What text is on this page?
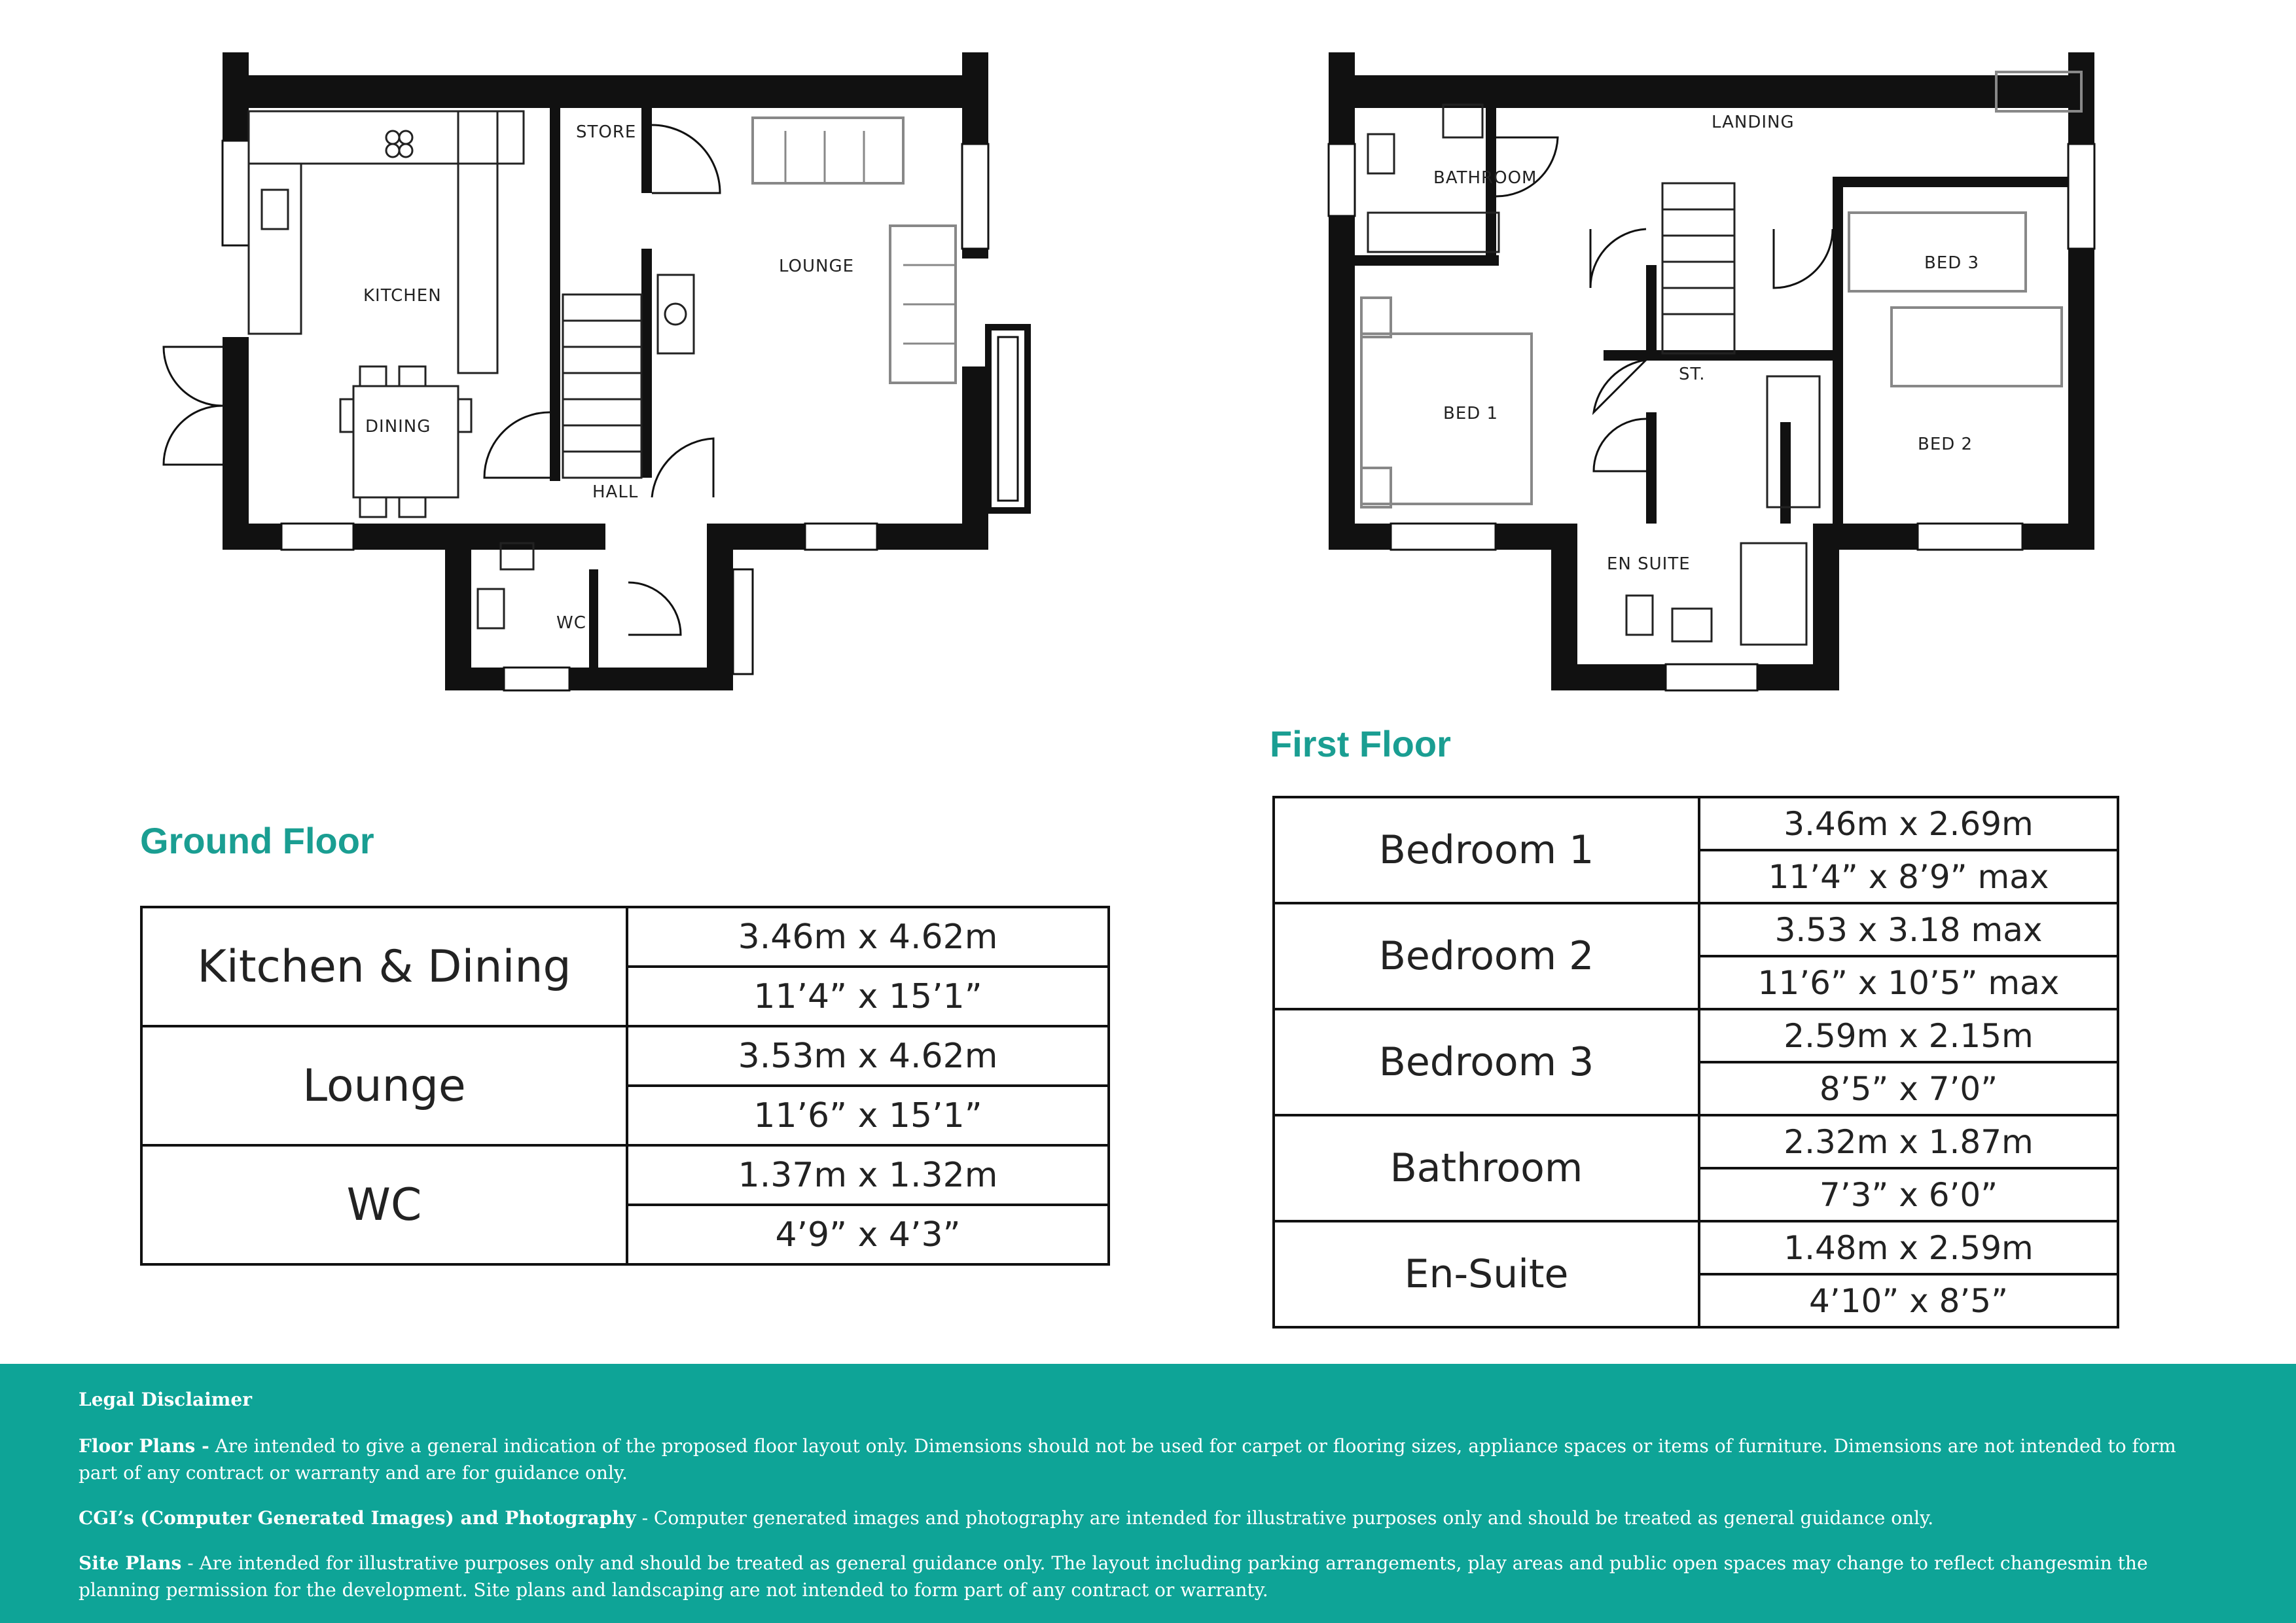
STORE
KITCHEN
DINING
LOUNGE
HALL
WC
LANDING
BATHROOM
BED 3
BED 1
ST.
BED 2
EN SUITE
Ground Floor
First Floor
Kitchen & Dining	3.46m x 4.62m
	11’4” x 15’1”
Lounge	3.53m x 4.62m
	11’6” x 15’1”
WC	1.37m x 1.32m
	4’9” x 4’3”
Bedroom 1	3.46m x 2.69m
	11’4” x 8’9” max
Bedroom 2	3.53 x 3.18 max
	11’6” x 10’5” max
Bedroom 3	2.59m x 2.15m
	8’5” x 7’0”
Bathroom	2.32m x 1.87m
	7’3” x 6’0”
En-Suite	1.48m x 2.59m
	4’10” x 8’5”

Legal Disclaimer

Floor Plans - Are intended to give a general indication of the proposed floor layout only. Dimensions should not be used for carpet or flooring sizes, appliance spaces or items of furniture. Dimensions are not intended to form part of any contract or warranty and are for guidance only.

CGI’s (Computer Generated Images) and Photography - Computer generated images and photography are intended for illustrative purposes only and should be treated as general guidance only.

Site Plans - Are intended for illustrative purposes only and should be treated as general guidance only. The layout including parking arrangements, play areas and public open spaces may change to reflect changesmin the planning permission for the development. Site plans and landscaping are not intended to form part of any contract or warranty.
